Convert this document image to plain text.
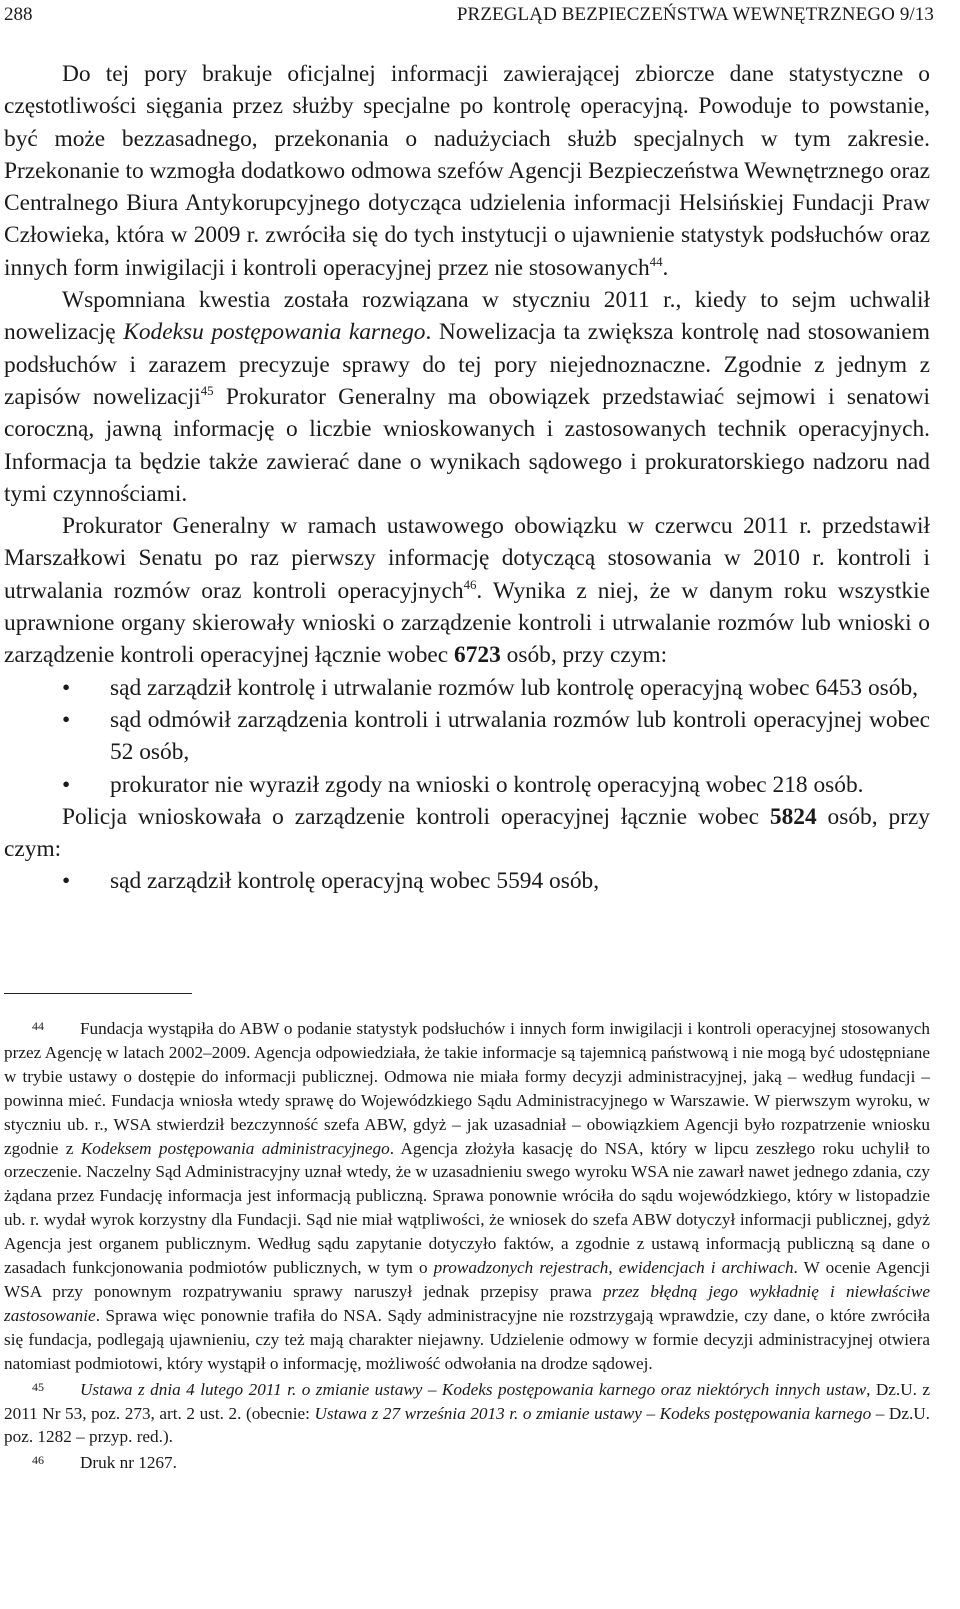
288	PRZEGLĄD BEZPIECZEŃSTWA WEWNĘTRZNEGO 9/13

Do tej pory brakuje oficjalnej informacji zawierającej zbiorcze dane statystyczne o częstotliwości sięgania przez służby specjalne po kontrolę operacyjną. Powoduje to powstanie, być może bezzasadnego, przekonania o nadużyciach służb specjalnych w tym zakresie. Przekonanie to wzmogła dodatkowo odmowa szefów Agencji Bezpieczeństwa Wewnętrznego oraz Centralnego Biura Antykorupcyjnego dotycząca udzielenia informacji Helsińskiej Fundacji Praw Człowieka, która w 2009 r. zwróciła się do tych instytucji o ujawnienie statystyk podsłuchów oraz innych form inwigilacji i kontroli operacyjnej przez nie stosowanych$^{44}$.

Wspomniana kwestia została rozwiązana w styczniu 2011 r., kiedy to sejm uchwalił nowelizację Kodeksu postępowania karnego. Nowelizacja ta zwiększa kontrolę nad stosowaniem podsłuchów i zarazem precyzuje sprawy do tej pory niejednoznaczne. Zgodnie z jednym z zapisów nowelizacji$^{45}$ Prokurator Generalny ma obowiązek przedstawiać sejmowi i senatowi coroczną, jawną informację o liczbie wnioskowanych i zastosowanych technik operacyjnych. Informacja ta będzie także zawierać dane o wynikach sądowego i prokuratorskiego nadzoru nad tymi czynnościami.

Prokurator Generalny w ramach ustawowego obowiązku w czerwcu 2011 r. przedstawił Marszałkowi Senatu po raz pierwszy informację dotyczącą stosowania w 2010 r. kontroli i utrwalania rozmów oraz kontroli operacyjnych$^{46}$. Wynika z niej, że w danym roku wszystkie uprawnione organy skierowały wnioski o zarządzenie kontroli i utrwalanie rozmów lub wnioski o zarządzenie kontroli operacyjnej łącznie wobec 6723 osób, przy czym:

• sąd zarządził kontrolę i utrwalanie rozmów lub kontrolę operacyjną wobec 6453 osób,
• sąd odmówił zarządzenia kontroli i utrwalania rozmów lub kontroli operacyjnej wobec 52 osób,
• prokurator nie wyraził zgody na wnioski o kontrolę operacyjną wobec 218 osób.

Policja wnioskowała o zarządzenie kontroli operacyjnej łącznie wobec 5824 osób, przy czym:

• sąd zarządził kontrolę operacyjną wobec 5594 osób,

44 Fundacja wystąpiła do ABW o podanie statystyk podsłuchów i innych form inwigilacji i kontroli operacyjnej stosowanych przez Agencję w latach 2002–2009. Agencja odpowiedziała, że takie informacje są tajemnicą państwową i nie mogą być udostępniane w trybie ustawy o dostępie do informacji publicznej. Odmowa nie miała formy decyzji administracyjnej, jaką – według fundacji – powinna mieć. Fundacja wniosła wtedy sprawę do Wojewódzkiego Sądu Administracyjnego w Warszawie. W pierwszym wyroku, w styczniu ub. r., WSA stwierdził bezczynność szefa ABW, gdyż – jak uzasadniał – obowiązkiem Agencji było rozpatrzenie wniosku zgodnie z Kodeksem postępowania administracyjnego. Agencja złożyła kasację do NSA, który w lipcu zeszłego roku uchylił to orzeczenie. Naczelny Sąd Administracyjny uznał wtedy, że w uzasadnieniu swego wyroku WSA nie zawarł nawet jednego zdania, czy żądana przez Fundację informacja jest informacją publiczną. Sprawa ponownie wróciła do sądu wojewódzkiego, który w listopadzie ub. r. wydał wyrok korzystny dla Fundacji. Sąd nie miał wątpliwości, że wniosek do szefa ABW dotyczył informacji publicznej, gdyż Agencja jest organem publicznym. Według sądu zapytanie dotyczyło faktów, a zgodnie z ustawą informacją publiczną są dane o zasadach funkcjonowania podmiotów publicznych, w tym o prowadzonych rejestrach, ewidencjach i archiwach. W ocenie Agencji WSA przy ponownym rozpatrywaniu sprawy naruszył jednak przepisy prawa przez błędną jego wykładnię i niewłaściwe zastosowanie. Sprawa więc ponownie trafiła do NSA. Sądy administracyjne nie rozstrzygają wprawdzie, czy dane, o które zwróciła się fundacja, podlegają ujawnieniu, czy też mają charakter niejawny. Udzielenie odmowy w formie decyzji administracyjnej otwiera natomiast podmiotowi, który wystąpił o informację, możliwość odwołania na drodze sądowej.

45 Ustawa z dnia 4 lutego 2011 r. o zmianie ustawy – Kodeks postępowania karnego oraz niektórych innych ustaw, Dz.U. z 2011 Nr 53, poz. 273, art. 2 ust. 2. (obecnie: Ustawa z 27 września 2013 r. o zmianie ustawy – Kodeks postępowania karnego – Dz.U. poz. 1282 – przyp. red.).

46 Druk nr 1267.
